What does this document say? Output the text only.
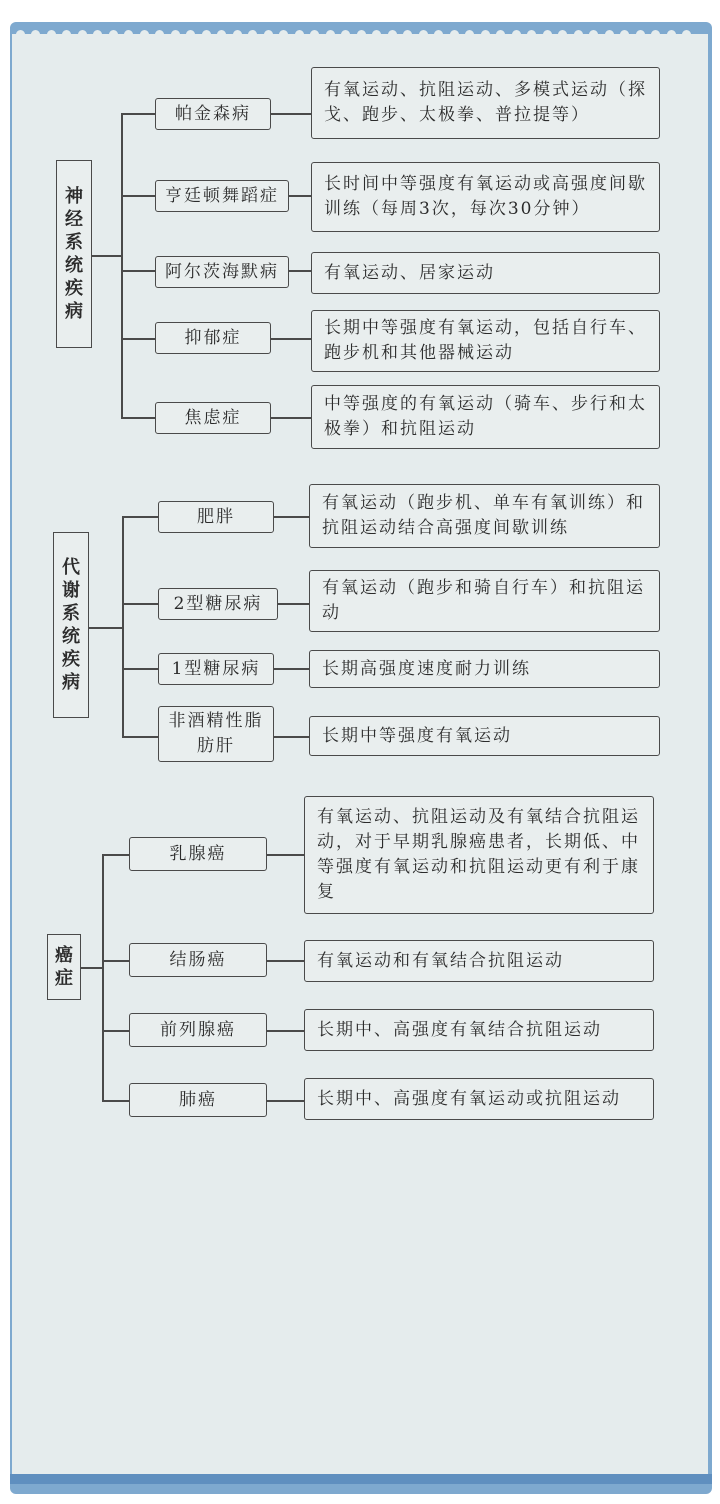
神经系统疾病
帕金森病
亨廷顿舞蹈症
阿尔茨海默病
抑郁症
焦虑症
有氧运动、抗阻运动、多模式运动（探戈、跑步、太极拳、普拉提等）
长时间中等强度有氧运动或高强度间歇训练（每周3次，每次30分钟）
有氧运动、居家运动
长期中等强度有氧运动，包括自行车、跑步机和其他器械运动
中等强度的有氧运动（骑车、步行和太极拳）和抗阻运动
代谢系统疾病
肥胖
2型糖尿病
1型糖尿病
非酒精性脂肪肝
有氧运动（跑步机、单车有氧训练）和抗阻运动结合高强度间歇训练
有氧运动（跑步和骑自行车）和抗阻运动
长期高强度速度耐力训练
长期中等强度有氧运动
癌症
乳腺癌
结肠癌
前列腺癌
肺癌
有氧运动、抗阻运动及有氧结合抗阻运动，对于早期乳腺癌患者，长期低、中等强度有氧运动和抗阻运动更有利于康复
有氧运动和有氧结合抗阻运动
长期中、高强度有氧结合抗阻运动
长期中、高强度有氧运动或抗阻运动
